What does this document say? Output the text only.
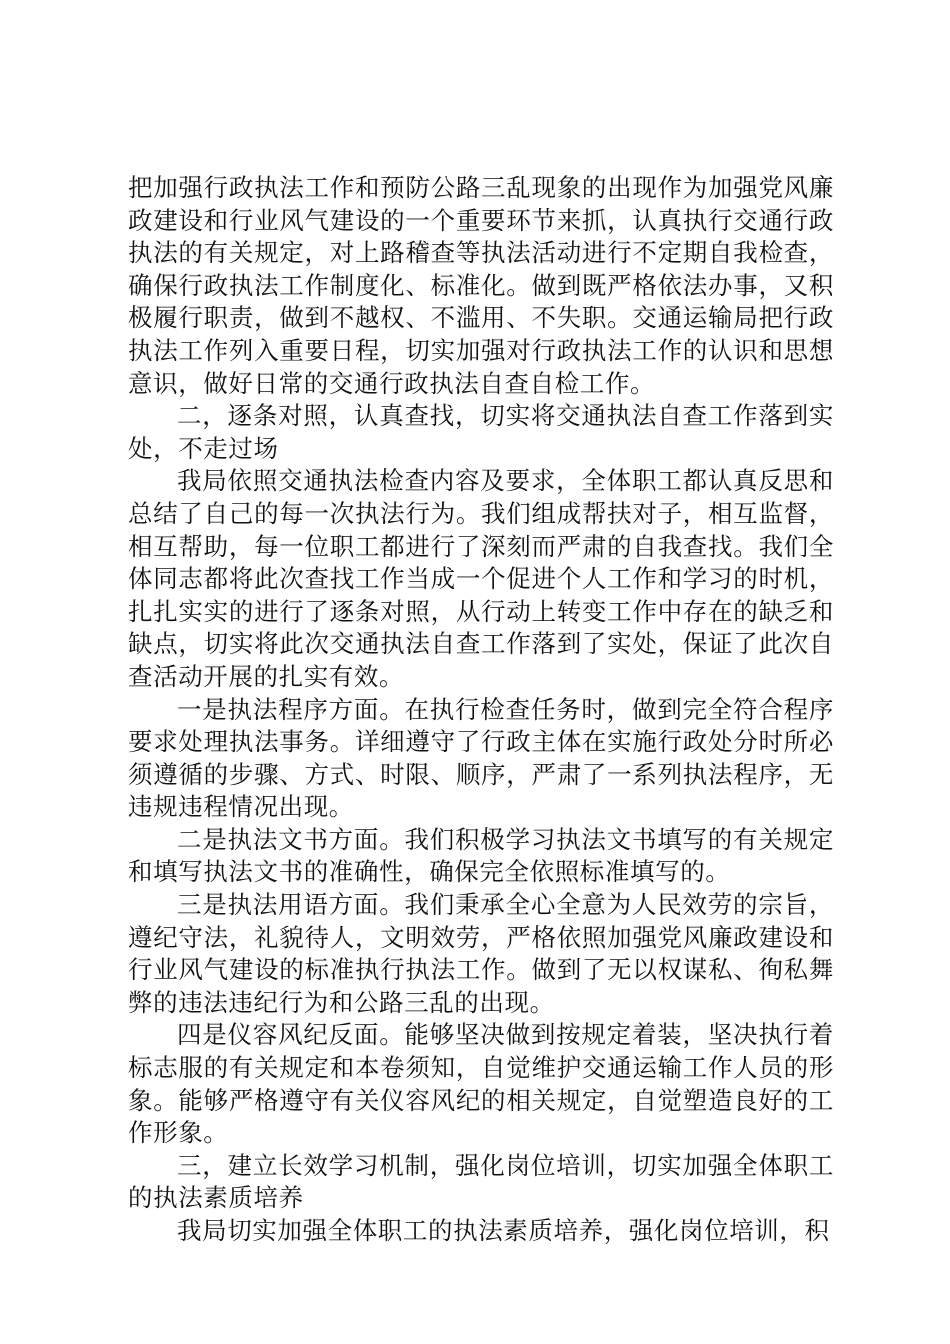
把加强行政执法工作和预防公路三乱现象的出现作为加强党风廉政建设和行业风气建设的一个重要环节来抓，认真执行交通行政执法的有关规定，对上路稽查等执法活动进行不定期自我检查，确保行政执法工作制度化、标准化。做到既严格依法办事，又积极履行职责，做到不越权、不滥用、不失职。交通运输局把行政执法工作列入重要日程，切实加强对行政执法工作的认识和思想意识，做好日常的交通行政执法自查自检工作。

二，逐条对照，认真查找，切实将交通执法自查工作落到实处，不走过场

我局依照交通执法检查内容及要求，全体职工都认真反思和总结了自己的每一次执法行为。我们组成帮扶对子，相互监督，相互帮助，每一位职工都进行了深刻而严肃的自我查找。我们全体同志都将此次查找工作当成一个促进个人工作和学习的时机，扎扎实实的进行了逐条对照，从行动上转变工作中存在的缺乏和缺点，切实将此次交通执法自查工作落到了实处，保证了此次自查活动开展的扎实有效。

一是执法程序方面。在执行检查任务时，做到完全符合程序要求处理执法事务。详细遵守了行政主体在实施行政处分时所必须遵循的步骤、方式、时限、顺序，严肃了一系列执法程序，无违规违程情况出现。

二是执法文书方面。我们积极学习执法文书填写的有关规定和填写执法文书的准确性，确保完全依照标准填写的。

三是执法用语方面。我们秉承全心全意为人民效劳的宗旨，遵纪守法，礼貌待人，文明效劳，严格依照加强党风廉政建设和行业风气建设的标准执行执法工作。做到了无以权谋私、徇私舞弊的违法违纪行为和公路三乱的出现。

四是仪容风纪反面。能够坚决做到按规定着装，坚决执行着标志服的有关规定和本卷须知，自觉维护交通运输工作人员的形象。能够严格遵守有关仪容风纪的相关规定，自觉塑造良好的工作形象。

三，建立长效学习机制，强化岗位培训，切实加强全体职工的执法素质培养

我局切实加强全体职工的执法素质培养，强化岗位培训，积
